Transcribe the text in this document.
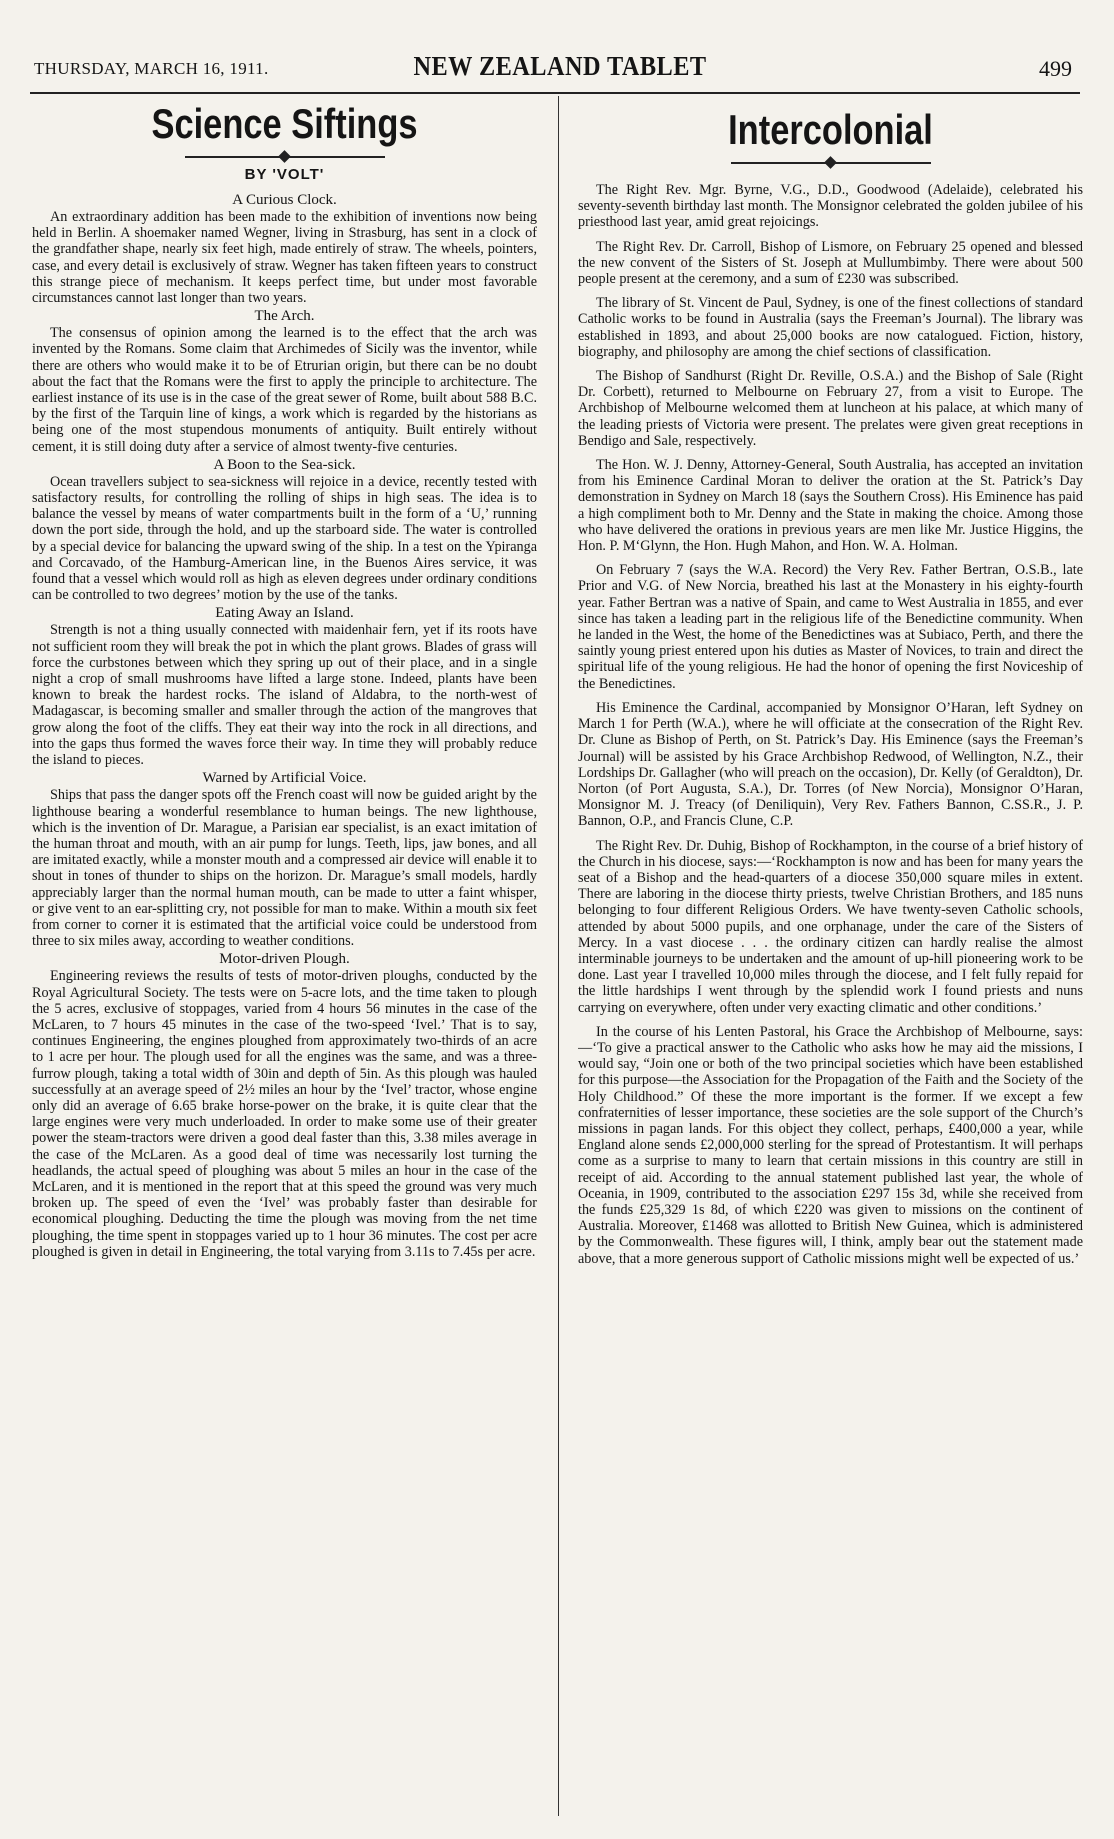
THURSDAY, MARCH 16, 1911.	NEW ZEALAND TABLET	499
Science Siftings
BY 'VOLT'
A Curious Clock.

An extraordinary addition has been made to the exhibition of inventions now being held in Berlin. A shoemaker named Wegner, living in Strasburg, has sent in a clock of the grandfather shape, nearly six feet high, made entirely of straw. The wheels, pointers, case, and every detail is exclusively of straw. Wegner has taken fifteen years to construct this strange piece of mechanism. It keeps perfect time, but under most favorable circumstances cannot last longer than two years.

The Arch.

The consensus of opinion among the learned is to the effect that the arch was invented by the Romans. Some claim that Archimedes of Sicily was the inventor, while there are others who would make it to be of Etrurian origin, but there can be no doubt about the fact that the Romans were the first to apply the principle to architecture. The earliest instance of its use is in the case of the great sewer of Rome, built about 588 B.C. by the first of the Tarquin line of kings, a work which is regarded by the historians as being one of the most stupendous monuments of antiquity. Built entirely without cement, it is still doing duty after a service of almost twenty-five centuries.

A Boon to the Sea-sick.

Ocean travellers subject to sea-sickness will rejoice in a device, recently tested with satisfactory results, for controlling the rolling of ships in high seas. The idea is to balance the vessel by means of water compartments built in the form of a ‘U,’ running down the port side, through the hold, and up the starboard side. The water is controlled by a special device for balancing the upward swing of the ship. In a test on the Ypiranga and Corcavado, of the Hamburg-American line, in the Buenos Aires service, it was found that a vessel which would roll as high as eleven degrees under ordinary conditions can be controlled to two degrees’ motion by the use of the tanks.

Eating Away an Island.

Strength is not a thing usually connected with maidenhair fern, yet if its roots have not sufficient room they will break the pot in which the plant grows. Blades of grass will force the curbstones between which they spring up out of their place, and in a single night a crop of small mushrooms have lifted a large stone. Indeed, plants have been known to break the hardest rocks. The island of Aldabra, to the north-west of Madagascar, is becoming smaller and smaller through the action of the mangroves that grow along the foot of the cliffs. They eat their way into the rock in all directions, and into the gaps thus formed the waves force their way. In time they will probably reduce the island to pieces.

Warned by Artificial Voice.

Ships that pass the danger spots off the French coast will now be guided aright by the lighthouse bearing a wonderful resemblance to human beings. The new lighthouse, which is the invention of Dr. Marague, a Parisian ear specialist, is an exact imitation of the human throat and mouth, with an air pump for lungs. Teeth, lips, jaw bones, and all are imitated exactly, while a monster mouth and a compressed air device will enable it to shout in tones of thunder to ships on the horizon. Dr. Marague’s small models, hardly appreciably larger than the normal human mouth, can be made to utter a faint whisper, or give vent to an ear-splitting cry, not possible for man to make. Within a mouth six feet from corner to corner it is estimated that the artificial voice could be understood from three to six miles away, according to weather conditions.

Motor-driven Plough.

Engineering reviews the results of tests of motor-driven ploughs, conducted by the Royal Agricultural Society. The tests were on 5-acre lots, and the time taken to plough the 5 acres, exclusive of stoppages, varied from 4 hours 56 minutes in the case of the McLaren, to 7 hours 45 minutes in the case of the two-speed ‘Ivel.’ That is to say, continues Engineering, the engines ploughed from approximately two-thirds of an acre to 1 acre per hour. The plough used for all the engines was the same, and was a three-furrow plough, taking a total width of 30in and depth of 5in. As this plough was hauled successfully at an average speed of 2½ miles an hour by the ‘Ivel’ tractor, whose engine only did an average of 6.65 brake horse-power on the brake, it is quite clear that the large engines were very much underloaded. In order to make some use of their greater power the steam-tractors were driven a good deal faster than this, 3.38 miles average in the case of the McLaren. As a good deal of time was necessarily lost turning the headlands, the actual speed of ploughing was about 5 miles an hour in the case of the McLaren, and it is mentioned in the report that at this speed the ground was very much broken up. The speed of even the ‘Ivel’ was probably faster than desirable for economical ploughing. Deducting the time the plough was moving from the net time ploughing, the time spent in stoppages varied up to 1 hour 36 minutes. The cost per acre ploughed is given in detail in Engineering, the total varying from 3.11s to 7.45s per acre.

Intercolonial

The Right Rev. Mgr. Byrne, V.G., D.D., Goodwood (Adelaide), celebrated his seventy-seventh birthday last month. The Monsignor celebrated the golden jubilee of his priesthood last year, amid great rejoicings.

The Right Rev. Dr. Carroll, Bishop of Lismore, on February 25 opened and blessed the new convent of the Sisters of St. Joseph at Mullumbimby. There were about 500 people present at the ceremony, and a sum of £230 was subscribed.

The library of St. Vincent de Paul, Sydney, is one of the finest collections of standard Catholic works to be found in Australia (says the Freeman’s Journal). The library was established in 1893, and about 25,000 books are now catalogued. Fiction, history, biography, and philosophy are among the chief sections of classification.

The Bishop of Sandhurst (Right Dr. Reville, O.S.A.) and the Bishop of Sale (Right Dr. Corbett), returned to Melbourne on February 27, from a visit to Europe. The Archbishop of Melbourne welcomed them at luncheon at his palace, at which many of the leading priests of Victoria were present. The prelates were given great receptions in Bendigo and Sale, respectively.

The Hon. W. J. Denny, Attorney-General, South Australia, has accepted an invitation from his Eminence Cardinal Moran to deliver the oration at the St. Patrick’s Day demonstration in Sydney on March 18 (says the Southern Cross). His Eminence has paid a high compliment both to Mr. Denny and the State in making the choice. Among those who have delivered the orations in previous years are men like Mr. Justice Higgins, the Hon. P. M‘Glynn, the Hon. Hugh Mahon, and Hon. W. A. Holman.

On February 7 (says the W.A. Record) the Very Rev. Father Bertran, O.S.B., late Prior and V.G. of New Norcia, breathed his last at the Monastery in his eighty-fourth year. Father Bertran was a native of Spain, and came to West Australia in 1855, and ever since has taken a leading part in the religious life of the Benedictine community. When he landed in the West, the home of the Benedictines was at Subiaco, Perth, and there the saintly young priest entered upon his duties as Master of Novices, to train and direct the spiritual life of the young religious. He had the honor of opening the first Noviceship of the Benedictines.

His Eminence the Cardinal, accompanied by Monsignor O’Haran, left Sydney on March 1 for Perth (W.A.), where he will officiate at the consecration of the Right Rev. Dr. Clune as Bishop of Perth, on St. Patrick’s Day. His Eminence (says the Freeman’s Journal) will be assisted by his Grace Archbishop Redwood, of Wellington, N.Z., their Lordships Dr. Gallagher (who will preach on the occasion), Dr. Kelly (of Geraldton), Dr. Norton (of Port Augusta, S.A.), Dr. Torres (of New Norcia), Monsignor O’Haran, Monsignor M. J. Treacy (of Deniliquin), Very Rev. Fathers Bannon, C.SS.R., J. P. Bannon, O.P., and Francis Clune, C.P.

The Right Rev. Dr. Duhig, Bishop of Rockhampton, in the course of a brief history of the Church in his diocese, says:—‘Rockhampton is now and has been for many years the seat of a Bishop and the head-quarters of a diocese 350,000 square miles in extent. There are laboring in the diocese thirty priests, twelve Christian Brothers, and 185 nuns belonging to four different Religious Orders. We have twenty-seven Catholic schools, attended by about 5000 pupils, and one orphanage, under the care of the Sisters of Mercy. In a vast diocese . . . the ordinary citizen can hardly realise the almost interminable journeys to be undertaken and the amount of up-hill pioneering work to be done. Last year I travelled 10,000 miles through the diocese, and I felt fully repaid for the little hardships I went through by the splendid work I found priests and nuns carrying on everywhere, often under very exacting climatic and other conditions.’

In the course of his Lenten Pastoral, his Grace the Archbishop of Melbourne, says:—‘To give a practical answer to the Catholic who asks how he may aid the missions, I would say, “Join one or both of the two principal societies which have been established for this purpose—the Association for the Propagation of the Faith and the Society of the Holy Childhood.” Of these the more important is the former. If we except a few confraternities of lesser importance, these societies are the sole support of the Church’s missions in pagan lands. For this object they collect, perhaps, £400,000 a year, while England alone sends £2,000,000 sterling for the spread of Protestantism. It will perhaps come as a surprise to many to learn that certain missions in this country are still in receipt of aid. According to the annual statement published last year, the whole of Oceania, in 1909, contributed to the association £297 15s 3d, while she received from the funds £25,329 1s 8d, of which £220 was given to missions on the continent of Australia. Moreover, £1468 was allotted to British New Guinea, which is administered by the Commonwealth. These figures will, I think, amply bear out the statement made above, that a more generous support of Catholic missions might well be expected of us.’
